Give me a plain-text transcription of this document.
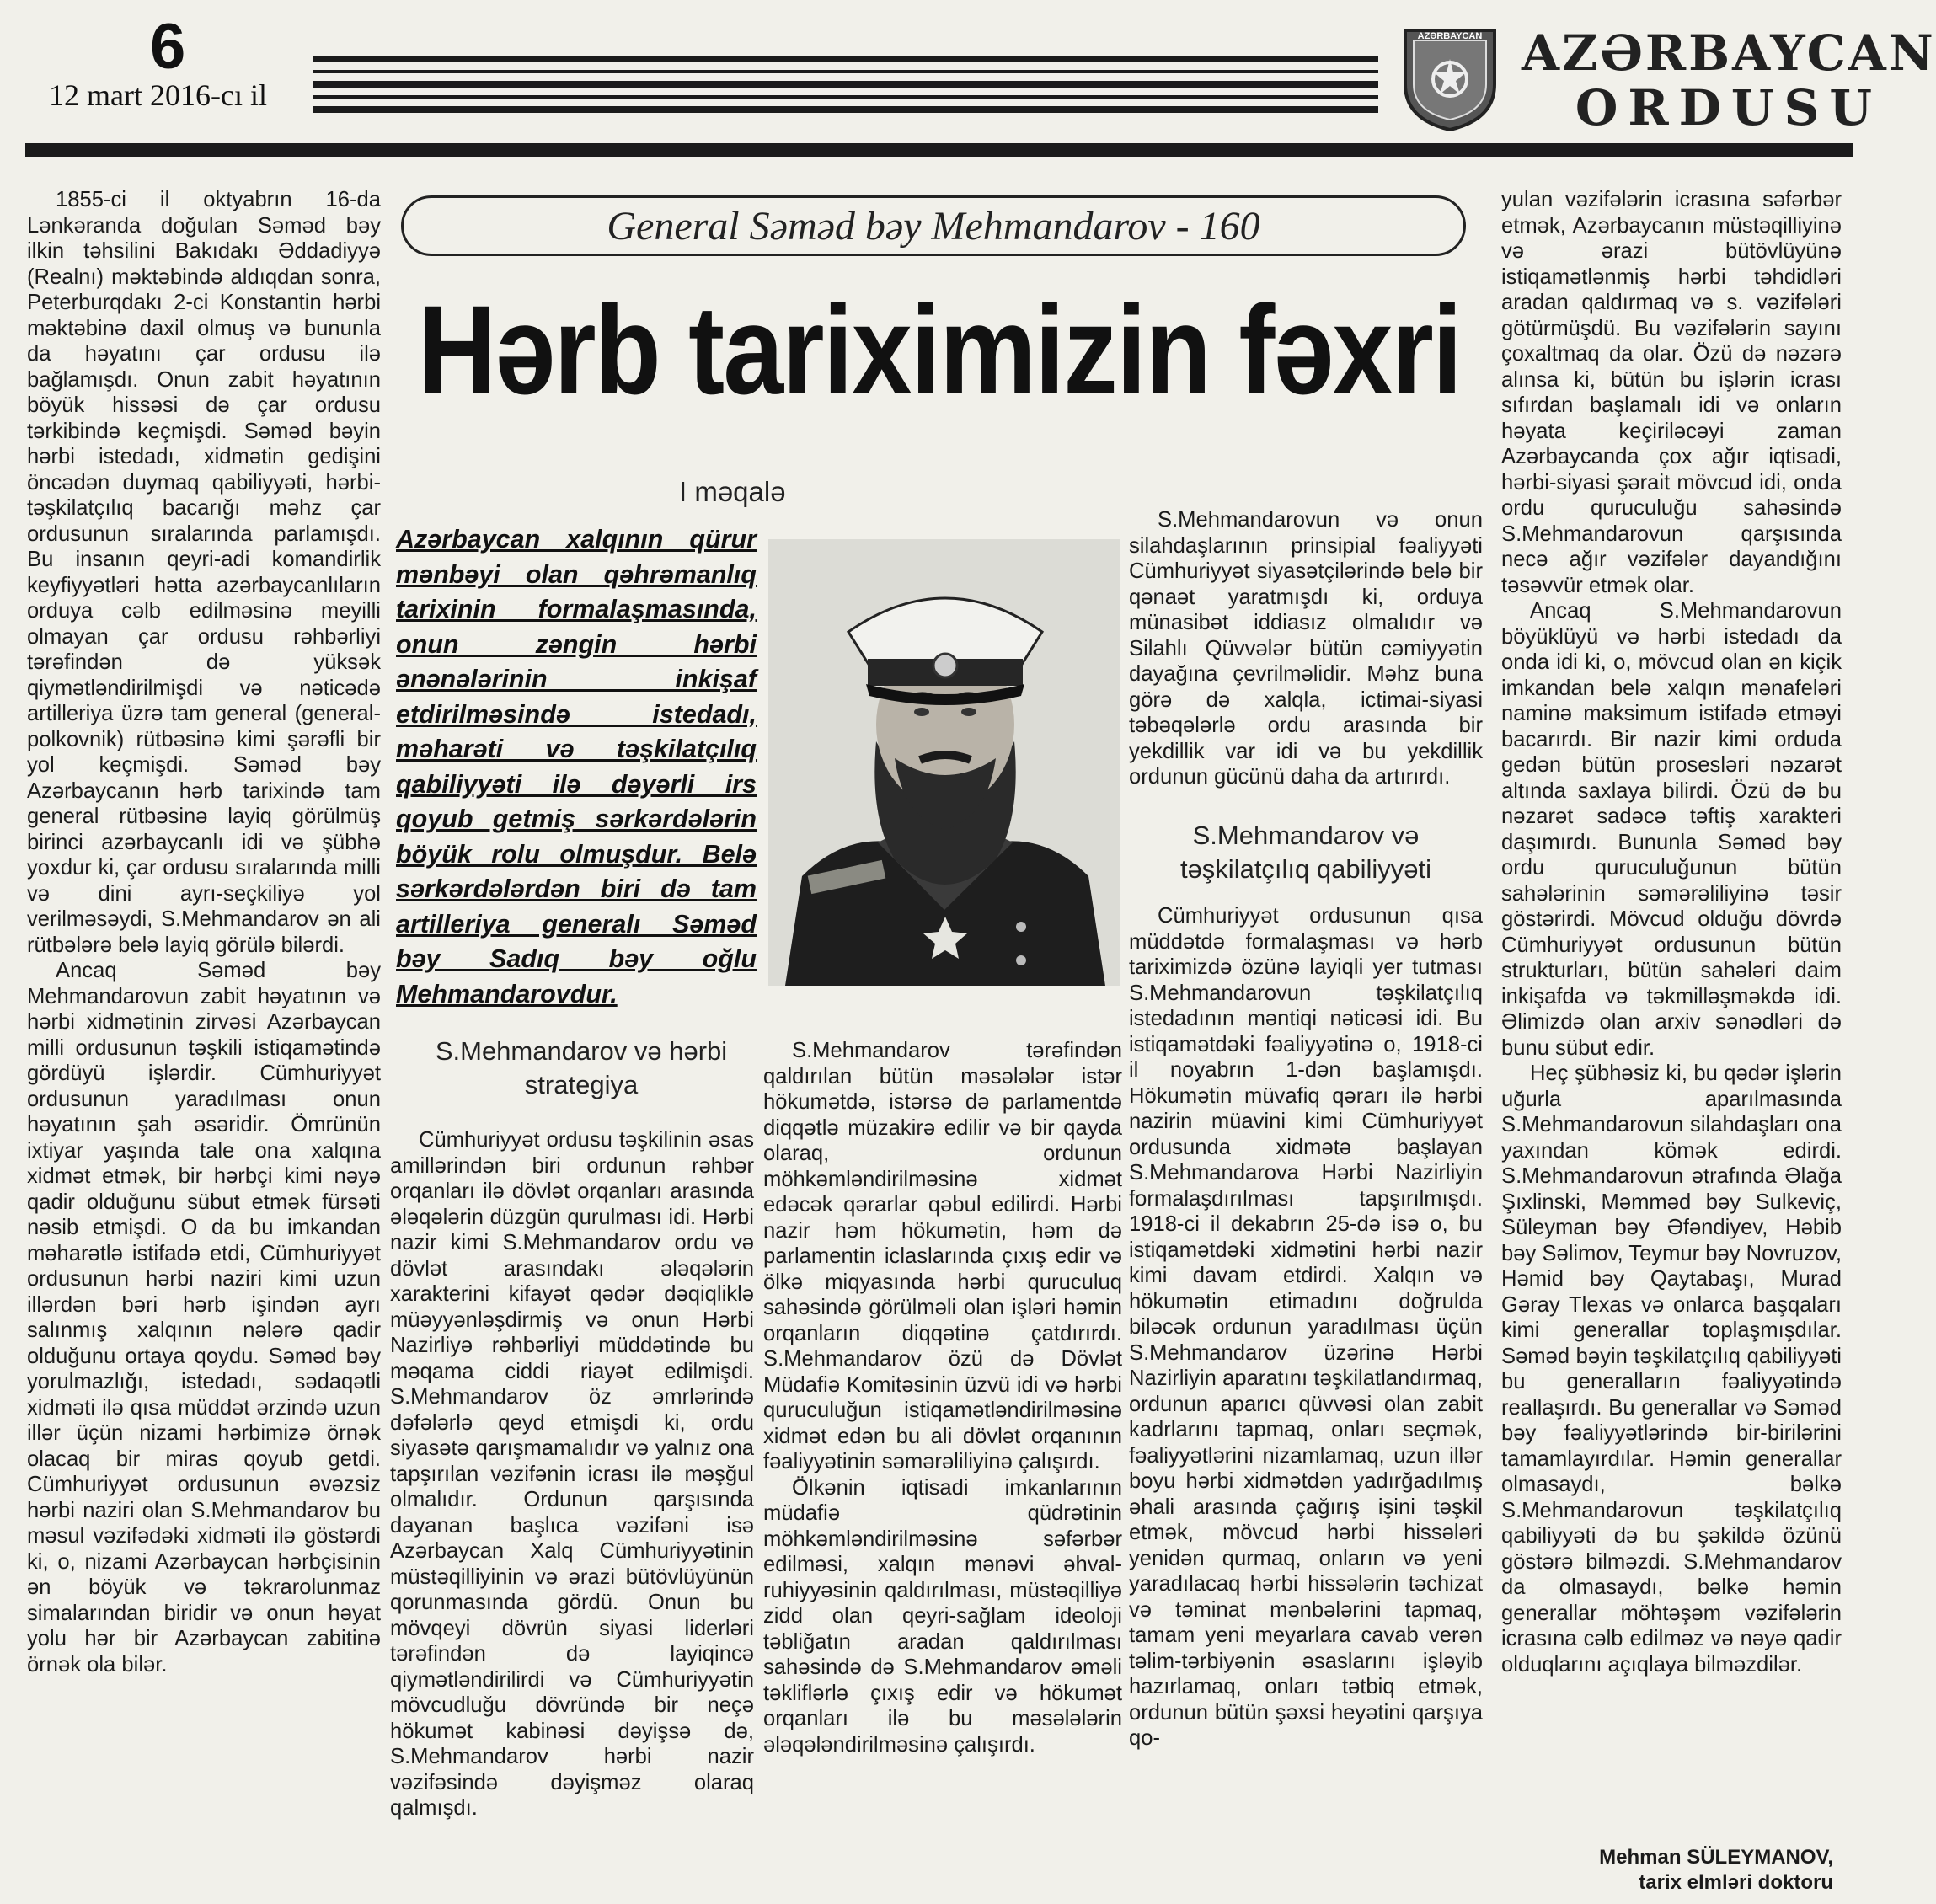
6
12 mart 2016-cı il
AZƏRBAYCAN AZƏRBAYCAN
ORDUSU
General Səməd bəy Mehmandarov - 160
Hərb tariximizin fəxri
I məqalə

1855-ci il oktyabrın 16-da Lənkəranda doğulan Səməd bəy ilkin təhsilini Bakıdakı Əddadiyyə (Realnı) məktəbində aldıqdan sonra, Peterburqdakı 2-ci Konstantin hərbi məktəbinə daxil olmuş və bununla da həyatını çar ordusu ilə bağlamışdı. Onun zabit həyatının böyük hissəsi də çar ordusu tərkibində keçmişdi. Səməd bəyin hərbi istedadı, xidmətin gedişini öncədən duymaq qabiliyyəti, hərbi-təşkilatçılıq bacarığı məhz çar ordusunun sıralarında parlamışdı. Bu insanın qeyri-adi komandirlik keyfiyyətləri hətta azərbaycanlıların orduya cəlb edilməsinə meyilli olmayan çar ordusu rəhbərliyi tərəfindən də yüksək qiymətləndirilmişdi və nəticədə artilleriya üzrə tam general (general-polkovnik) rütbəsinə kimi şərəfli bir yol keçmişdi. Səməd bəy Azərbaycanın hərb tarixində tam general rütbəsinə layiq görülmüş birinci azərbaycanlı idi və şübhə yoxdur ki, çar ordusu sıralarında milli və dini ayrı-seçkiliyə yol verilməsəydi, S.Mehmandarov ən ali rütbələrə belə layiq görülə bilərdi.

Ancaq Səməd bəy Mehmandarovun zabit həyatının və hərbi xidmətinin zirvəsi Azərbaycan milli ordusunun təşkili istiqamətində gördüyü işlərdir. Cümhuriyyət ordusunun yaradılması onun həyatının şah əsəridir. Ömrünün ixtiyar yaşında tale ona xalqına xidmət etmək, bir hərbçi kimi nəyə qadir olduğunu sübut etmək fürsəti nəsib etmişdi. O da bu imkandan məharətlə istifadə etdi, Cümhuriyyət ordusunun hərbi naziri kimi uzun illərdən bəri hərb işindən ayrı salınmış xalqının nələrə qadir olduğunu ortaya qoydu. Səməd bəy yorulmazlığı, istedadı, sədaqətli xidməti ilə qısa müddət ərzində uzun illər üçün nizami hərbimizə örnək olacaq bir miras qoyub getdi. Cümhuriyyət ordusunun əvəzsiz hərbi naziri olan S.Mehmandarov bu məsul vəzifədəki xidməti ilə göstərdi ki, o, nizami Azərbaycan hərbçisinin ən böyük və təkrarolunmaz simalarından biridir və onun həyat yolu hər bir Azərbaycan zabitinə örnək ola bilər.

Azərbaycan xalqının qürur mənbəyi olan qəhrəmanlıq tarixinin formalaşmasında, onun zəngin hərbi ənənələrinin inkişaf etdirilməsində istedadı, məharəti və təşkilatçılıq qabiliyyəti ilə dəyərli irs qoyub getmiş sərkərdələrin böyük rolu olmuşdur. Belə sərkərdələrdən biri də tam artilleriya generalı Səməd bəy Sadıq bəy oğlu Mehmandarovdur.
S.Mehmandarov və hərbi strategiya

Cümhuriyyət ordusu təşkilinin əsas amillərindən biri ordunun rəhbər orqanları ilə dövlət orqanları arasında ələqələrin düzgün qurulması idi. Hərbi nazir kimi S.Mehmandarov ordu və dövlət arasındakı ələqələrin xarakterini kifayət qədər dəqiqliklə müəyyənləşdirmiş və onun Hərbi Nazirliyə rəhbərliyi müddətində bu məqama ciddi riayət edilmişdi. S.Mehmandarov öz əmrlərində dəfələrlə qeyd etmişdi ki, ordu siyasətə qarışmamalıdır və yalnız ona tapşırılan vəzifənin icrası ilə məşğul olmalıdır. Ordunun qarşısında dayanan başlıca vəzifəni isə Azərbaycan Xalq Cümhuriyyətinin müstəqilliyinin və ərazi bütövlüyünün qorunmasında gördü. Onun bu mövqeyi dövrün siyasi liderləri tərəfindən də layiqincə qiymətləndirilirdi və Cümhuriyyətin mövcudluğu dövründə bir neçə hökumət kabinəsi dəyişsə də, S.Mehmandarov hərbi nazir vəzifəsində dəyişməz olaraq qalmışdı.

S.Mehmandarov tərəfindən qaldırılan bütün məsələlər istər hökumətdə, istərsə də parlamentdə diqqətlə müzakirə edilir və bir qayda olaraq, ordunun möhkəmləndirilməsinə xidmət edəcək qərarlar qəbul edilirdi. Hərbi nazir həm hökumətin, həm də parlamentin iclaslarında çıxış edir və ölkə miqyasında hərbi quruculuq sahəsində görülməli olan işləri həmin orqanların diqqətinə çatdırırdı. S.Mehmandarov özü də Dövlət Müdafiə Komitəsinin üzvü idi və hərbi quruculuğun istiqamətləndirilməsinə xidmət edən bu ali dövlət orqanının fəaliyyətinin səmərəliliyinə çalışırdı.

Ölkənin iqtisadi imkanlarının müdafiə qüdrətinin möhkəmləndirilməsinə səfərbər edilməsi, xalqın mənəvi əhval-ruhiyyəsinin qaldırılması, müstəqilliyə zidd olan qeyri-sağlam ideoloji təbliğatın aradan qaldırılması sahəsində də S.Mehmandarov əməli təkliflərlə çıxış edir və hökumət orqanları ilə bu məsələlərin ələqələndirilməsinə çalışırdı.

S.Mehmandarovun və onun silahdaşlarının prinsipial fəaliyyəti Cümhuriyyət siyasətçilərində belə bir qənaət yaratmışdı ki, orduya münasibət iddiasız olmalıdır və Silahlı Qüvvələr bütün cəmiyyətin dayağına çevrilməlidir. Məhz buna görə də xalqla, ictimai-siyasi təbəqələrlə ordu arasında bir yekdillik var idi və bu yekdillik ordunun gücünü daha da artırırdı.

S.Mehmandarov və təşkilatçılıq qabiliyyəti

Cümhuriyyət ordusunun qısa müddətdə formalaşması və hərb tariximizdə özünə layiqli yer tutması S.Mehmandarovun təşkilatçılıq istedadının məntiqi nəticəsi idi. Bu istiqamətdəki fəaliyyətinə o, 1918-ci il noyabrın 1-dən başlamışdı. Hökumətin müvafiq qərarı ilə hərbi nazirin müavini kimi Cümhuriyyət ordusunda xidmətə başlayan S.Mehmandarova Hərbi Nazirliyin formalaşdırılması tapşırılmışdı. 1918-ci il dekabrın 25-də isə o, bu istiqamətdəki xidmətini hərbi nazir kimi davam etdirdi. Xalqın və hökumətin etimadını doğrulda biləcək ordunun yaradılması üçün S.Mehmandarov üzərinə Hərbi Nazirliyin aparatını təşkilatlandırmaq, ordunun aparıcı qüvvəsi olan zabit kadrlarını tapmaq, onları seçmək, fəaliyyətlərini nizamlamaq, uzun illər boyu hərbi xidmətdən yadırğadılmış əhali arasında çağırış işini təşkil etmək, mövcud hərbi hissələri yenidən qurmaq, onların və yeni yaradılacaq hərbi hissələrin təchizat və təminat mənbələrini tapmaq, tamam yeni meyarlara cavab verən təlim-tərbiyənin əsaslarını işləyib hazırlamaq, onları tətbiq etmək, ordunun bütün şəxsi heyətini qarşıya qo-

yulan vəzifələrin icrasına səfərbər etmək, Azərbaycanın müstəqilliyinə və ərazi bütövlüyünə istiqamətlənmiş hərbi təhdidləri aradan qaldırmaq və s. vəzifələri götürmüşdü. Bu vəzifələrin sayını çoxaltmaq da olar. Özü də nəzərə alınsa ki, bütün bu işlərin icrası sıfırdan başlamalı idi və onların həyata keçiriləcəyi zaman Azərbaycanda çox ağır iqtisadi, hərbi-siyasi şərait mövcud idi, onda ordu quruculuğu sahəsində S.Mehmandarovun qarşısında necə ağır vəzifələr dayandığını təsəvvür etmək olar.

Ancaq S.Mehmandarovun böyüklüyü və hərbi istedadı da onda idi ki, o, mövcud olan ən kiçik imkandan belə xalqın mənafeləri naminə maksimum istifadə etməyi bacarırdı. Bir nazir kimi orduda gedən bütün prosesləri nəzarət altında saxlaya bilirdi. Özü də bu nəzarət sadəcə təftiş xarakteri daşımırdı. Bununla Səməd bəy ordu quruculuğunun bütün sahələrinin səmərəliliyinə təsir göstərirdi. Mövcud olduğu dövrdə Cümhuriyyət ordusunun bütün strukturları, bütün sahələri daim inkişafda və təkmilləşməkdə idi. Əlimizdə olan arxiv sənədləri də bunu sübut edir.

Heç şübhəsiz ki, bu qədər işlərin uğurla aparılmasında S.Mehmandarovun silahdaşları ona yaxından kömək edirdi. S.Mehmandarovun ətrafında Əlağa Şıxlinski, Məmməd bəy Sulkeviç, Süleyman bəy Əfəndiyev, Həbib bəy Səlimov, Teymur bəy Novruzov, Həmid bəy Qaytabaşı, Murad Gəray Tlexas və onlarca başqaları kimi generallar toplaşmışdılar. Səməd bəyin təşkilatçılıq qabiliyyəti bu generalların fəaliyyətində reallaşırdı. Bu generallar və Səməd bəy fəaliyyətlərində bir-birilərini tamamlayırdılar. Həmin generallar olmasaydı, bəlkə S.Mehmandarovun təşkilatçılıq qabiliyyəti də bu şəkildə özünü göstərə bilməzdi. S.Mehmandarov da olmasaydı, bəlkə həmin generallar möhtəşəm vəzifələrin icrasına cəlb edilməz və nəyə qadir olduqlarını açıqlaya bilməzdilər.

Mehman SÜLEYMANOV,
tarix elmləri doktoru
